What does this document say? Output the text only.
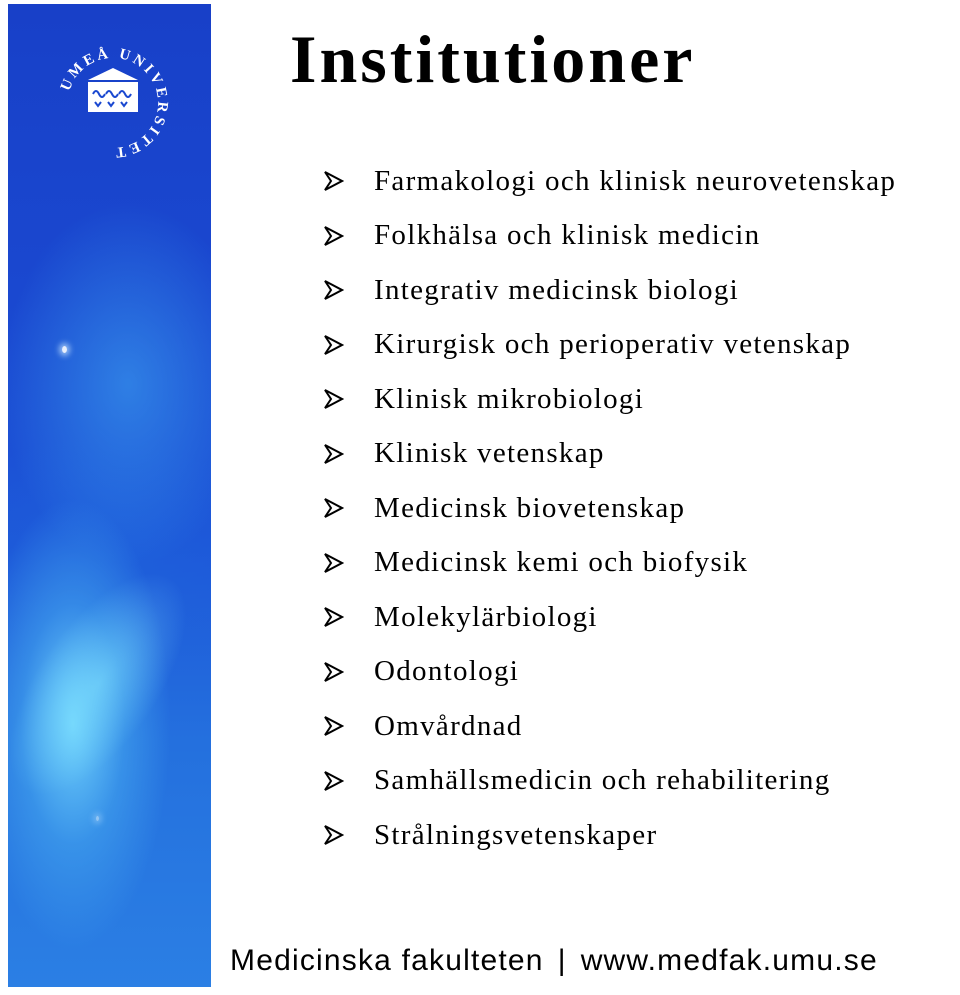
UMEÅ UNIVERSITET
Institutioner
Farmakologi och klinisk neurovetenskap
Folkhälsa och klinisk medicin
Integrativ medicinsk biologi
Kirurgisk och perioperativ vetenskap
Klinisk mikrobiologi
Klinisk vetenskap
Medicinsk biovetenskap
Medicinsk kemi och biofysik
Molekylärbiologi
Odontologi
Omvårdnad
Samhällsmedicin och rehabilitering
Strålningsvetenskaper
Medicinska fakulteten | www.medfak.umu.se
